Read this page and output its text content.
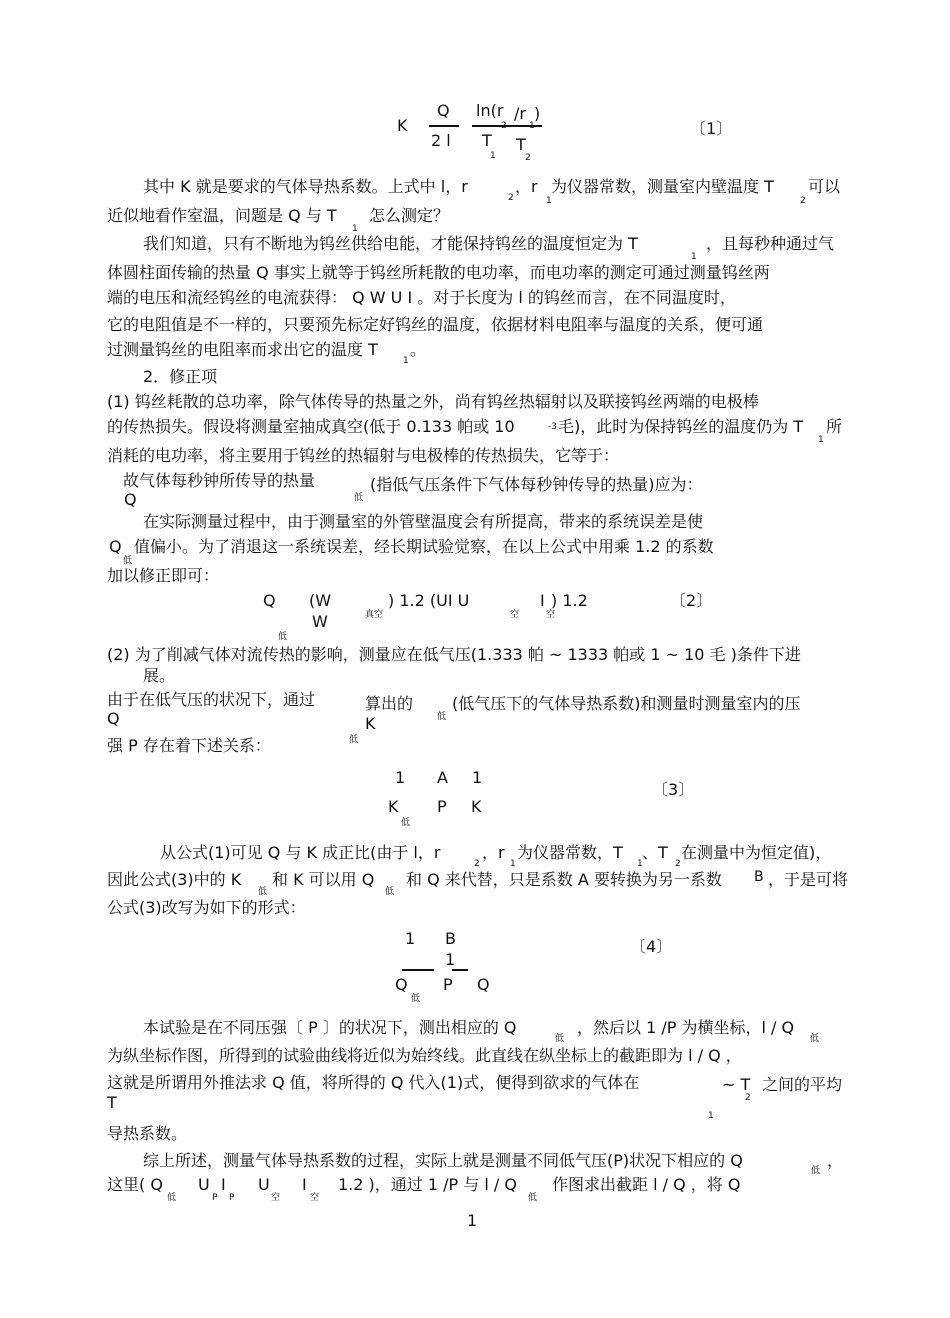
K
Q
2 l
ln(r /r )
T
1
T
2
〔1〕
其中 K 就是要求的气体导热系数。上式中 l，r
2
，r
1
为仪器常数，测量室内壁温度 T
2
可以
近似地看作室温，问题是 Q 与 T
1
怎么测定？
我们知道，只有不断地为钨丝供给电能，才能保持钨丝的温度恒定为 T
1
，且每秒种通过气
体圆柱面传输的热量 Q 事实上就等于钨丝所耗散的电功率，而电功率的测定可通过测量钨丝两
端的电压和流经钨丝的电流获得： Q W U I 。对于长度为 l 的钨丝而言，在不同温度时，
它的电阻值是不一样的，只要预先标定好钨丝的温度，依据材料电阻率与温度的关系，便可通
过测量钨丝的电阻率而求出它的温度 T
1
。
2．修正项
(1) 钨丝耗散的总功率，除气体传导的热量之外，尚有钨丝热辐射以及联接钨丝两端的电极棒
的传热损失。假设将测量室抽成真空(低于 0.133 帕或 10	-3 毛)，此时为保持钨丝的温度仍为 T
1
所
消耗的电功率，将主要用于钨丝的热辐射与电极棒的传热损失，它等于：
故气体每秒钟所传导的热量	(指低气压条件下气体每秒钟传导的热量)应为：
Q	低
在实际测量过程中，由于测量室的外管壁温度会有所提高，带来的系统误差是使
Q
低
值偏小。为了消退这一系统误差，经长期试验觉察，在以上公式中用乘 1.2 的系数
加以修正即可：
Q (W
W	真空
) 1.2 (UI U
空
I
空
) 1.2
低
〔2〕
(2) 为了削减气体对流传热的影响，测量应在低气压(1.333 帕 ~ 1333 帕或 1 ~ 10 毛 )条件下进
展。
由于在低气压的状况下，通过	算出的 (低气压下的气体导热系数)和测量时测量室内的压
Q	K	低
低
强 P 存在着下述关系：
1 A 1
K P K
低
〔3〕
从公式(1)可见 Q 与 K 成正比(由于 l，r
2
，r
1
为仪器常数，T
1
、T
2
在测量中为恒定值)，
因此公式(3)中的 K
低
和 K 可以用 Q
低
和 Q 来代替，只是系数 A 要转换为另一系数 B ，于是可将
公式(3)改写为如下的形式：
1 B
1
Q P Q
低
〔4〕
本试验是在不同压强〔 P 〕的状况下，测出相应的 Q
低
，然后以 1 /P 为横坐标，l / Q
低
为纵坐标作图，所得到的试验曲线将近似为始终线。此直线在纵坐标上的截距即为 l / Q ，
这就是所谓用外推法求 Q 值，将所得的 Q 代入(1)式，便得到欲求的气体在	~ T
2
之间的平均
T
1
导热系数。
综上所述，测量气体导热系数的过程，实际上就是测量不同低气压(P)状况下相应的 Q
低
，
这里( Q
低
U
P
I
P
U
空
I
空
1.2 )，通过 1 /P 与 l / Q
低
作图求出截距 l / Q ，将 Q
1
